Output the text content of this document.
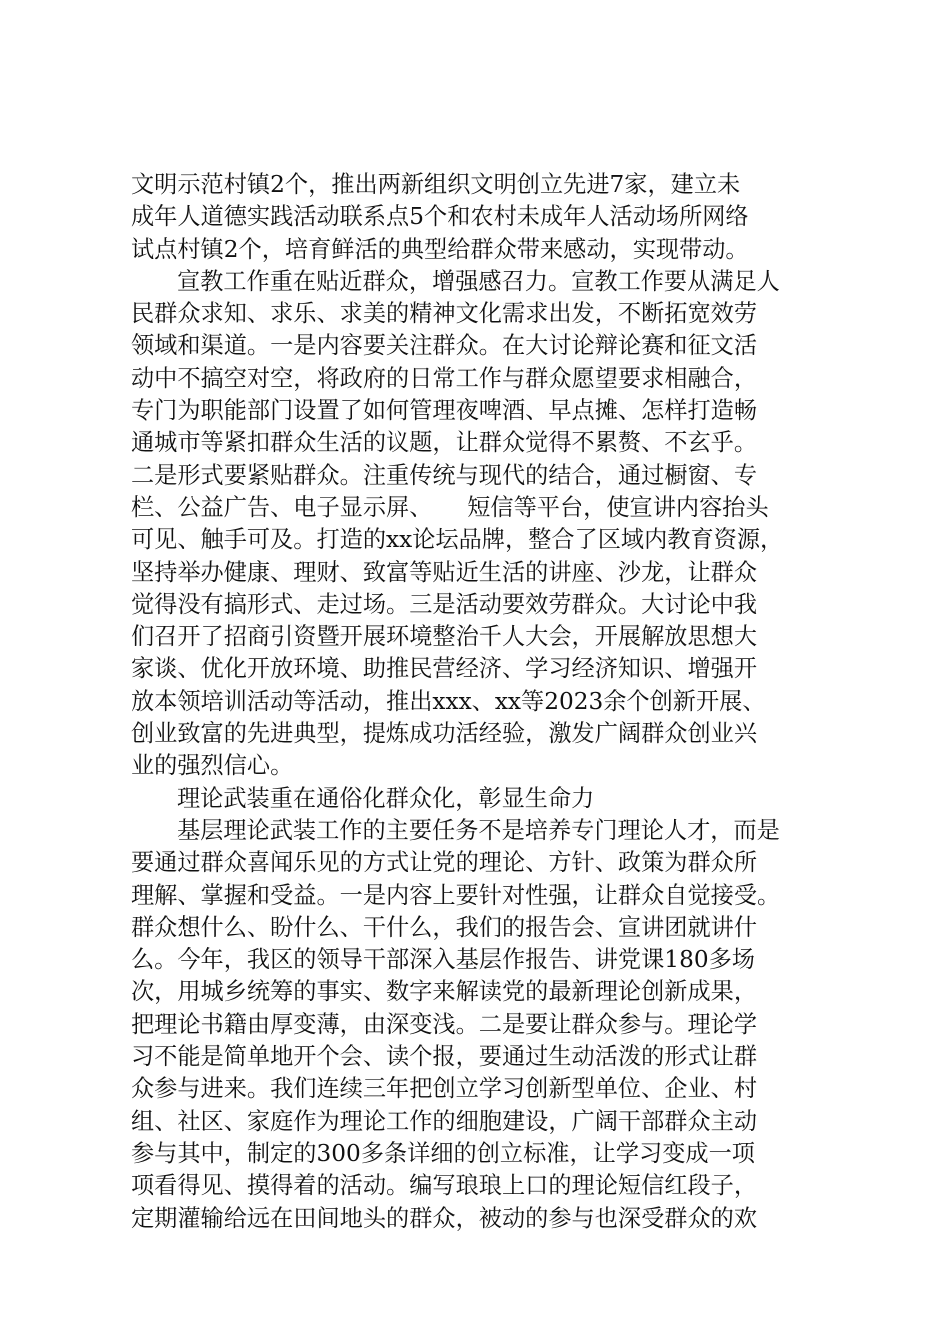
文明示范村镇2个，推出两新组织文明创立先进7家，建立未
成年人道德实践活动联系点5个和农村未成年人活动场所网络
试点村镇2个，培育鲜活的典型给群众带来感动，实现带动。
宣教工作重在贴近群众，增强感召力。宣教工作要从满足人
民群众求知、求乐、求美的精神文化需求出发，不断拓宽效劳
领域和渠道。一是内容要关注群众。在大讨论辩论赛和征文活
动中不搞空对空，将政府的日常工作与群众愿望要求相融合，
专门为职能部门设置了如何管理夜啤酒、早点摊、怎样打造畅
通城市等紧扣群众生活的议题，让群众觉得不累赘、不玄乎。
二是形式要紧贴群众。注重传统与现代的结合，通过橱窗、专
栏、公益广告、电子显示屏、　　短信等平台，使宣讲内容抬头
可见、触手可及。打造的xx论坛品牌，整合了区域内教育资源，
坚持举办健康、理财、致富等贴近生活的讲座、沙龙，让群众
觉得没有搞形式、走过场。三是活动要效劳群众。大讨论中我
们召开了招商引资暨开展环境整治千人大会，开展解放思想大
家谈、优化开放环境、助推民营经济、学习经济知识、增强开
放本领培训活动等活动，推出xxx、xx等2023余个创新开展、
创业致富的先进典型，提炼成功活经验，激发广阔群众创业兴
业的强烈信心。
理论武装重在通俗化群众化，彰显生命力
基层理论武装工作的主要任务不是培养专门理论人才，而是
要通过群众喜闻乐见的方式让党的理论、方针、政策为群众所
理解、掌握和受益。一是内容上要针对性强，让群众自觉接受。
群众想什么、盼什么、干什么，我们的报告会、宣讲团就讲什
么。今年，我区的领导干部深入基层作报告、讲党课180多场
次，用城乡统筹的事实、数字来解读党的最新理论创新成果，
把理论书籍由厚变薄，由深变浅。二是要让群众参与。理论学
习不能是简单地开个会、读个报，要通过生动活泼的形式让群
众参与进来。我们连续三年把创立学习创新型单位、企业、村
组、社区、家庭作为理论工作的细胞建设，广阔干部群众主动
参与其中，制定的300多条详细的创立标准，让学习变成一项
项看得见、摸得着的活动。编写琅琅上口的理论短信红段子，
定期灌输给远在田间地头的群众，被动的参与也深受群众的欢
